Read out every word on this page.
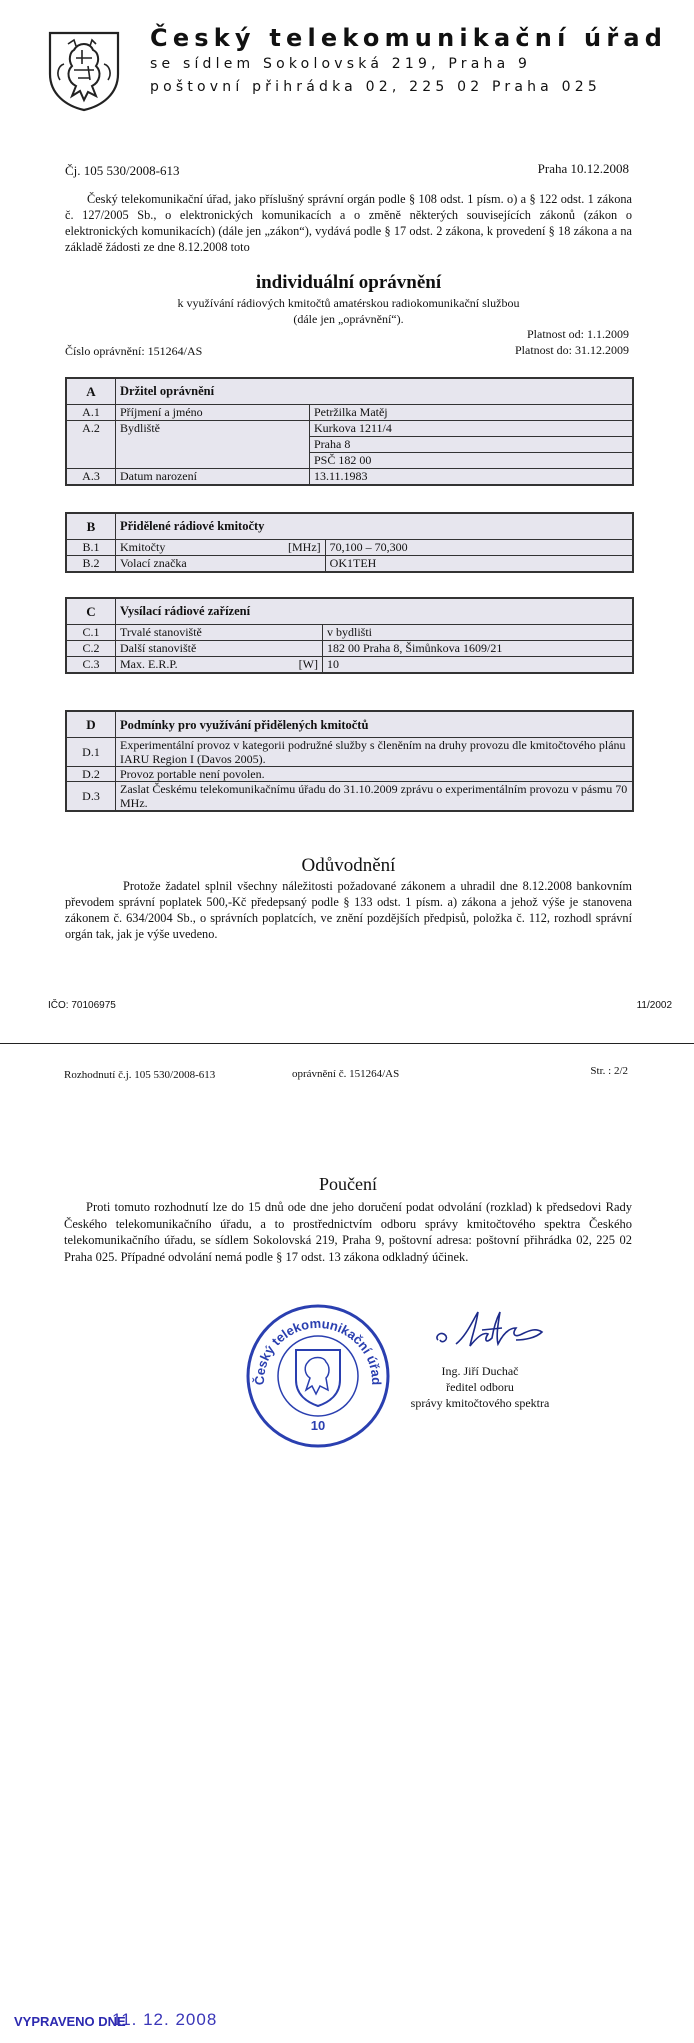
Český telekomunikační úřad
se sídlem Sokolovská 219, Praha 9
poštovní přihrádka 02, 225 02 Praha 025
Čj. 105 530/2008-613	Praha 10.12.2008
Český telekomunikační úřad, jako příslušný správní orgán podle § 108 odst. 1 písm. o) a § 122 odst. 1 zákona č. 127/2005 Sb., o elektronických komunikacích a o změně některých souvisejících zákonů (zákon o elektronických komunikacích) (dále jen „zákon“), vydává podle § 17 odst. 2 zákona, k provedení § 18 zákona a na základě žádosti ze dne 8.12.2008 toto
individuální oprávnění
k využívání rádiových kmitočtů amatérskou radiokomunikační službou
(dále jen „oprávnění“).
Platnost od: 1.1.2009
Číslo oprávnění: 151264/AS	Platnost do: 31.12.2009
A	Držitel oprávnění	
A.1	Příjmení a jméno	Petržilka Matěj
A.2	Bydliště	Kurkova 1211/4
		Praha 8
		PSČ 182 00
A.3	Datum narození	13.11.1983
B	Přidělené rádiové kmitočty		
B.1	Kmitočty	[MHz]	70,100 – 70,300
B.2	Volací značka		OK1TEH
C	Vysílací rádiové zařízení		
C.1	Trvalé stanoviště		v bydlišti
C.2	Další stanoviště		182 00 Praha 8, Šimůnkova 1609/21
C.3	Max. E.R.P.	[W]	10
D	Podmínky pro využívání přidělených kmitočtů
D.1	Experimentální provoz v kategorii podružné služby s členěním na druhy provozu dle kmitočtového plánu IARU Region I (Davos 2005).
D.2	Provoz portable není povolen.
D.3	Zaslat Českému telekomunikačnímu úřadu do 31.10.2009 zprávu o experimentálním provozu v pásmu 70 MHz.
Odůvodnění
Protože žadatel splnil všechny náležitosti požadované zákonem a uhradil dne 8.12.2008 bankovním převodem správní poplatek 500,-Kč předepsaný podle § 133 odst. 1 písm. a) zákona a jehož výše je stanovena zákonem č. 634/2004 Sb., o správních poplatcích, ve znění pozdějších předpisů, položka č. 112, rozhodl správní orgán tak, jak je výše uvedeno.
IČO: 70106975	11/2002
Rozhodnutí č.j. 105 530/2008-613	oprávnění č. 151264/AS	Str. : 2/2
Poučení
Proti tomuto rozhodnutí lze do 15 dnů ode dne jeho doručení podat odvolání (rozklad) k předsedovi Rady Českého telekomunikačního úřadu, a to prostřednictvím odboru správy kmitočtového spektra Českého telekomunikačního úřadu, se sídlem Sokolovská 219, Praha 9, poštovní adresa: poštovní přihrádka 02, 225 02 Praha 025. Případné odvolání nemá podle § 17 odst. 13 zákona odkladný účinek.
Český telekomunikační úřad
10
Ing. Jiří Duchač
ředitel odboru
správy kmitočtového spektra
VYPRAVENO DNE
11. 12. 2008
